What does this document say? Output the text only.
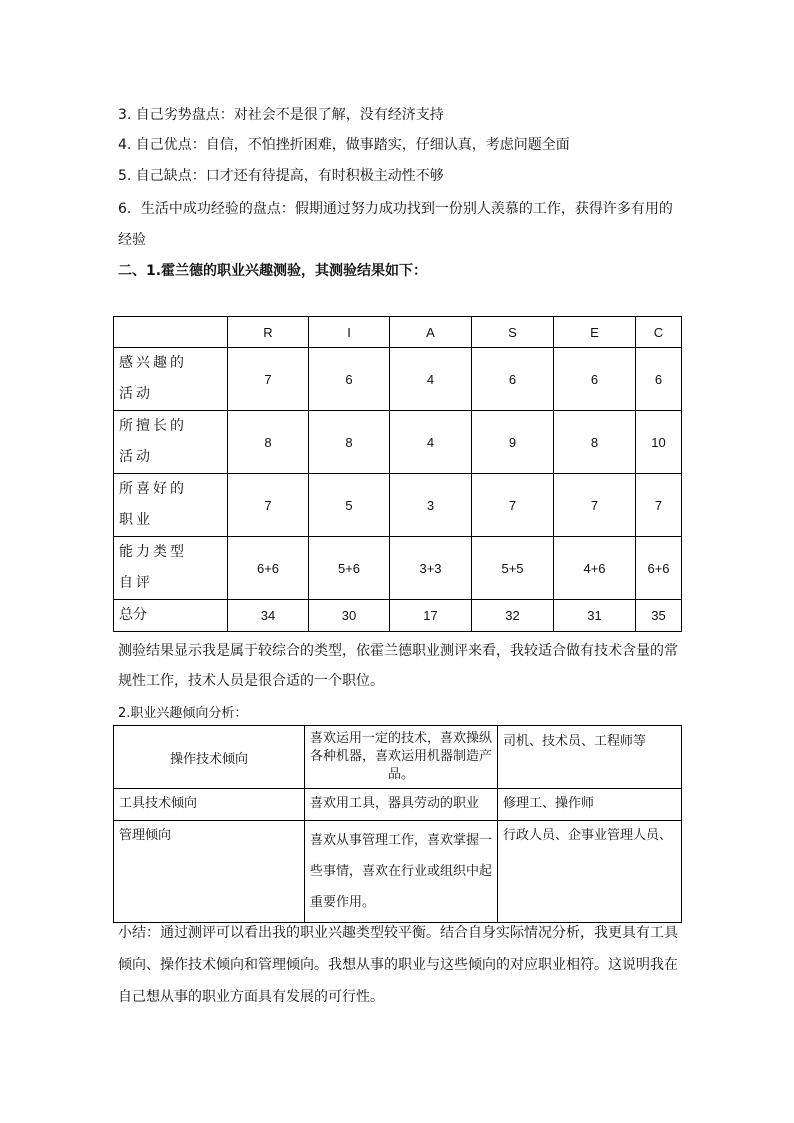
3. 自己劣势盘点：对社会不是很了解，没有经济支持
4. 自己优点：自信，不怕挫折困难，做事踏实，仔细认真，考虑问题全面
5. 自己缺点：口才还有待提高，有时积极主动性不够
6．生活中成功经验的盘点：假期通过努力成功找到一份别人羡慕的工作，获得许多有用的
经验
二、1.霍兰德的职业兴趣测验，其测验结果如下：
	R	I	A	S	E	C
感兴趣的
活动	7	6	4	6	6	6
所擅长的
活动	8	8	4	9	8	10
所喜好的
职业	7	5	3	7	7	7
能力类型
自评	6+6	5+6	3+3	5+5	4+6	6+6
总分	34	30	17	32	31	35
测验结果显示我是属于较综合的类型，依霍兰德职业测评来看，我较适合做有技术含量的常
规性工作，技术人员是很合适的一个职位。
2.职业兴趣倾向分析：
操作技术倾向	喜欢运用一定的技术，喜欢操纵各种机器，喜欢运用机器制造产品。	司机、技术员、工程师等
工具技术倾向	喜欢用工具，器具劳动的职业	修理工、操作师
管理倾向	喜欢从事管理工作，喜欢掌握一些事情，喜欢在行业或组织中起重要作用。	行政人员、企事业管理人员、
小结：通过测评可以看出我的职业兴趣类型较平衡。结合自身实际情况分析，我更具有工具
倾向、操作技术倾向和管理倾向。我想从事的职业与这些倾向的对应职业相符。这说明我在
自己想从事的职业方面具有发展的可行性。
